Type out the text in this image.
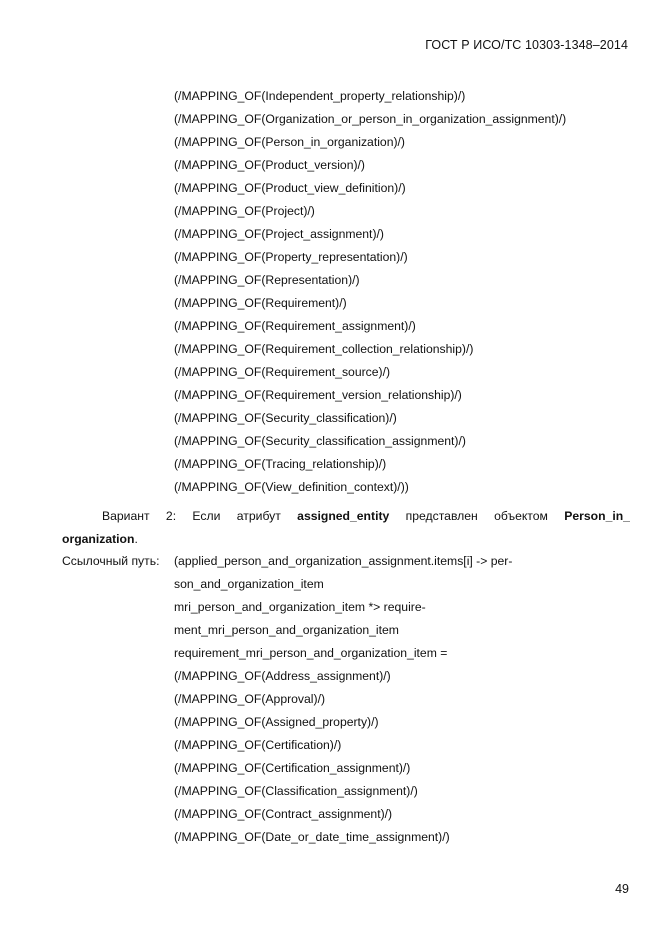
ГОСТ Р ИСО/ТС 10303-1348–2014
(/MAPPING_OF(Independent_property_relationship)/)
(/MAPPING_OF(Organization_or_person_in_organization_assignment)/)
(/MAPPING_OF(Person_in_organization)/)
(/MAPPING_OF(Product_version)/)
(/MAPPING_OF(Product_view_definition)/)
(/MAPPING_OF(Project)/)
(/MAPPING_OF(Project_assignment)/)
(/MAPPING_OF(Property_representation)/)
(/MAPPING_OF(Representation)/)
(/MAPPING_OF(Requirement)/)
(/MAPPING_OF(Requirement_assignment)/)
(/MAPPING_OF(Requirement_collection_relationship)/)
(/MAPPING_OF(Requirement_source)/)
(/MAPPING_OF(Requirement_version_relationship)/)
(/MAPPING_OF(Security_classification)/)
(/MAPPING_OF(Security_classification_assignment)/)
(/MAPPING_OF(Tracing_relationship)/)
(/MAPPING_OF(View_definition_context)/))
Вариант 2: Если атрибут assigned_entity представлен объектом Person_in_
organization.
Ссылочный путь: (applied_person_and_organization_assignment.items[i] -> per-
son_and_organization_item
mri_person_and_organization_item *> require-
ment_mri_person_and_organization_item
requirement_mri_person_and_organization_item =
(/MAPPING_OF(Address_assignment)/)
(/MAPPING_OF(Approval)/)
(/MAPPING_OF(Assigned_property)/)
(/MAPPING_OF(Certification)/)
(/MAPPING_OF(Certification_assignment)/)
(/MAPPING_OF(Classification_assignment)/)
(/MAPPING_OF(Contract_assignment)/)
(/MAPPING_OF(Date_or_date_time_assignment)/)
49
